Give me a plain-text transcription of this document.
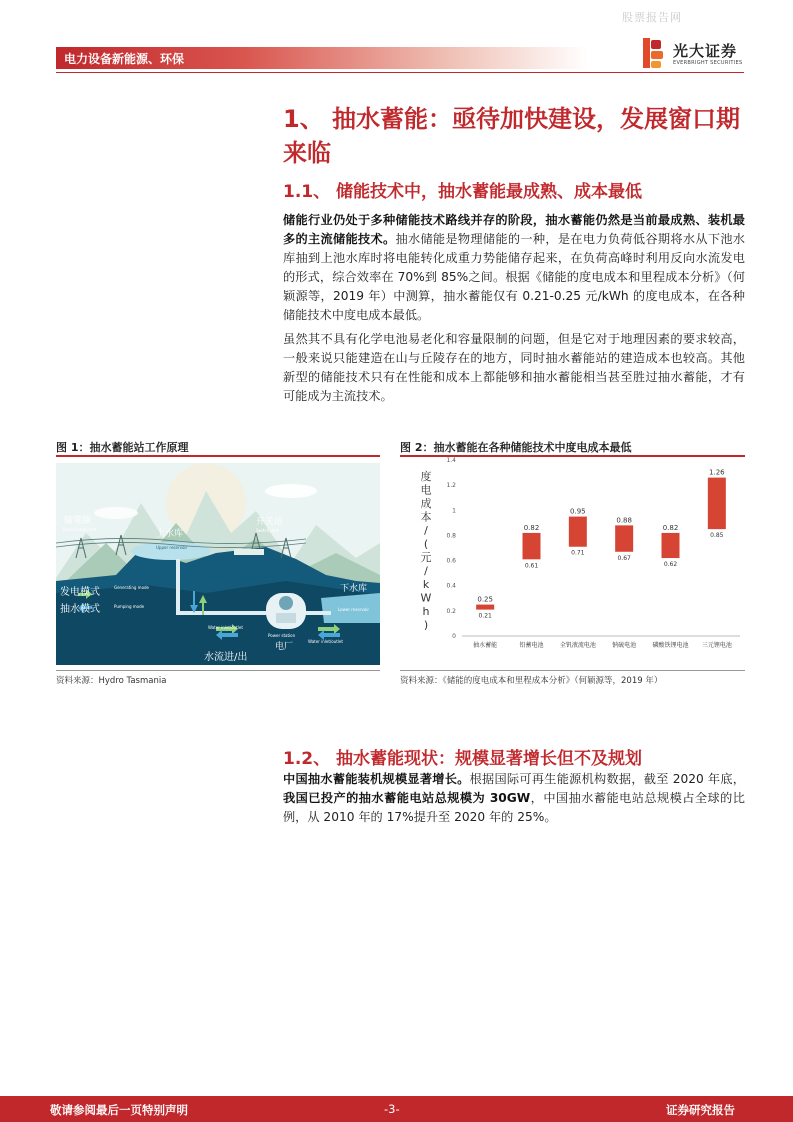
股票报告网
电力设备新能源、环保	光大证券
EVERBRIGHT SECURITIES
1、 抽水蓄能：亟待加快建设，发展窗口期
来临
1.1、 储能技术中，抽水蓄能最成熟、成本最低
储能行业仍处于多种储能技术路线并存的阶段，抽水蓄能仍然是当前最成熟、装机最多的主流储能技术。抽水储能是物理储能的一种，是在电力负荷低谷期将水从下池水库抽到上池水库时将电能转化成重力势能储存起来，在负荷高峰时利用反向水流发电的形式，综合效率在 70%到 85%之间。根据《储能的度电成本和里程成本分析》（何颖源等，2019 年）中测算，抽水蓄能仅有 0.21-0.25 元/kWh 的度电成本，在各种储能技术中度电成本最低。
虽然其不具有化学电池易老化和容量限制的问题，但是它对于地理因素的要求较高，一般来说只能建造在山与丘陵存在的地方，同时抽水蓄能站的建造成本也较高。其他新型的储能技术只有在性能和成本上都能够和抽水蓄能相当甚至胜过抽水蓄能，才有可能成为主流技术。
图 1：抽水蓄能站工作原理
输電線
Transmission line	上水库
Upper reservoir
开关站
Switchyard
下水库
Lower reservoir
发电模式	Generating mode
抽水模式	Pumping mode
Water inlet/outlet
Water inlet/outlet
Power station
电厂
水流进/出
资料来源：Hydro Tasmania
图 2：抽水蓄能在各种储能技术中度电成本最低
度
电
成
本
/
(
元
/
k
W
h
)
0
0.2
0.4
0.6
0.8
1
1.2
1.4
0.25
0.21
0.82
0.61
0.95
0.71
0.88
0.67
0.82
0.62
1.26
0.85
抽水蓄能	铅蓄电池	全钒液流电池	钠硫电池	磷酸铁锂电池 三元锂电池
资料来源：《储能的度电成本和里程成本分析》（何颖源等，2019 年）
1.2、 抽水蓄能现状：规模显著增长但不及规划
中国抽水蓄能装机规模显著增长。根据国际可再生能源机构数据，截至 2020 年底，我国已投产的抽水蓄能电站总规模为 30GW，中国抽水蓄能电站总规模占全球的比例，从 2010 年的 17%提升至 2020 年的 25%。
敬请参阅最后一页特别声明	-3-	证券研究报告
